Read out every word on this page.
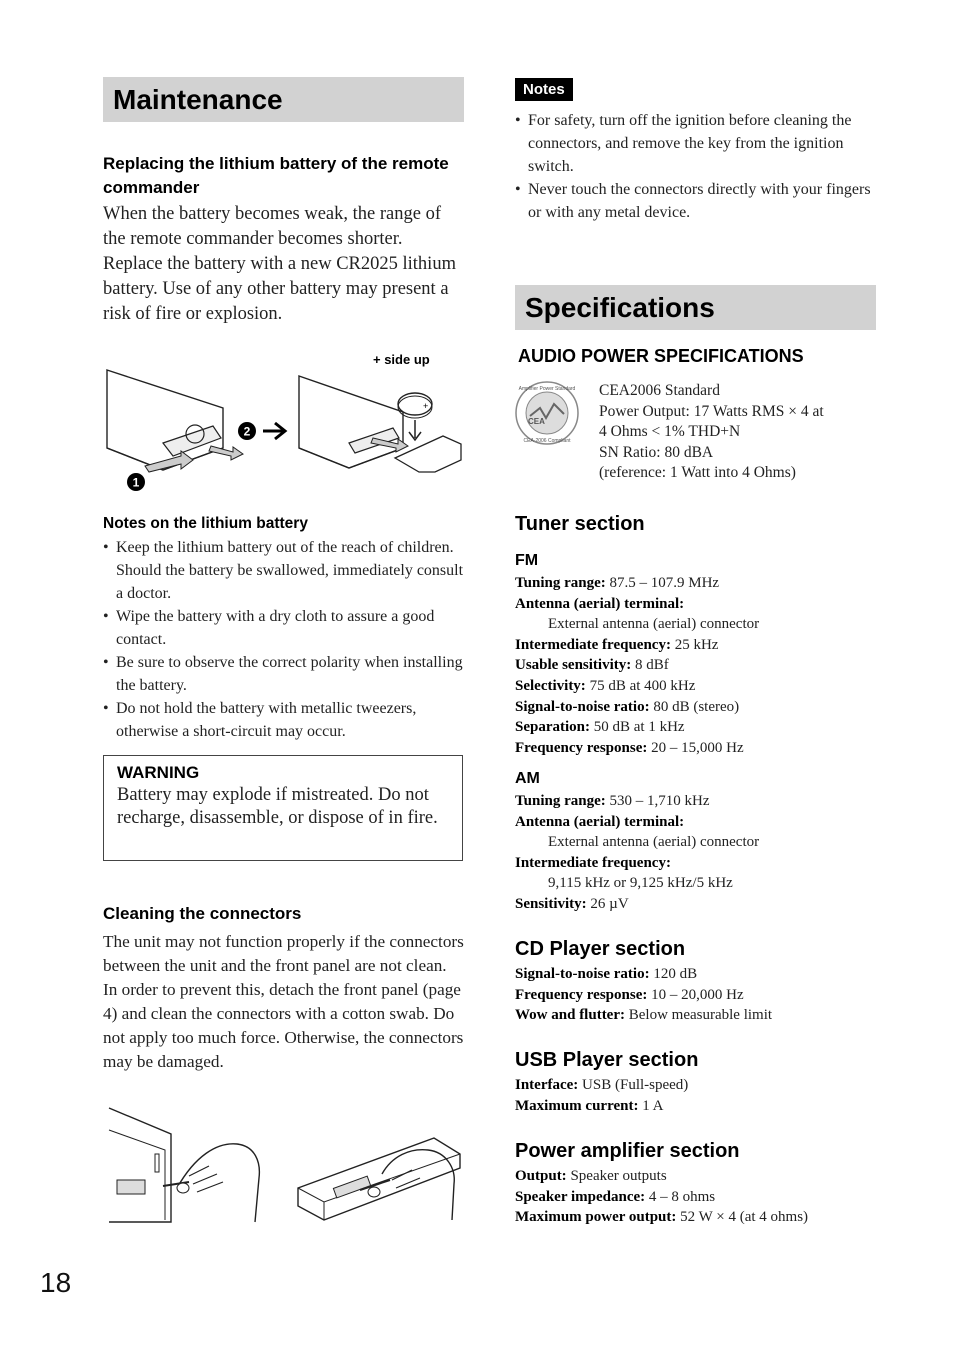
Maintenance
Replacing the lithium battery of the remote commander
When the battery becomes weak, the range of the remote commander becomes shorter. Replace the battery with a new CR2025 lithium battery. Use of any other battery may present a risk of fire or explosion.
1
2
+
+ side up
Notes on the lithium battery
• Keep the lithium battery out of the reach of children. Should the battery be swallowed, immediately consult a doctor.
• Wipe the battery with a dry cloth to assure a good contact.
• Be sure to observe the correct polarity when installing the battery.
• Do not hold the battery with metallic tweezers, otherwise a short-circuit may occur.
WARNING
Battery may explode if mistreated. Do not recharge, disassemble, or dispose of in fire.
Cleaning the connectors
The unit may not function properly if the connectors between the unit and the front panel are not clean. In order to prevent this, detach the front panel (page 4) and clean the connectors with a cotton swab. Do not apply too much force. Otherwise, the connectors may be damaged.
18
Notes
• For safety, turn off the ignition before cleaning the connectors, and remove the key from the ignition switch.
• Never touch the connectors directly with your fingers or with any metal device.
Specifications
AUDIO POWER SPECIFICATIONS
CEA
Amplifier Power Standard
CEA-2006 Compliant
CEA2006 Standard
Power Output: 17 Watts RMS × 4 at
4 Ohms < 1% THD+N
SN Ratio: 80 dBA
(reference: 1 Watt into 4 Ohms)
Tuner section
FM
Tuning range: 87.5 – 107.9 MHz
Antenna (aerial) terminal:
External antenna (aerial) connector
Intermediate frequency: 25 kHz
Usable sensitivity: 8 dBf
Selectivity: 75 dB at 400 kHz
Signal-to-noise ratio: 80 dB (stereo)
Separation: 50 dB at 1 kHz
Frequency response: 20 – 15,000 Hz
AM
Tuning range: 530 – 1,710 kHz
Antenna (aerial) terminal:
External antenna (aerial) connector
Intermediate frequency:
9,115 kHz or 9,125 kHz/5 kHz
Sensitivity: 26 µV
CD Player section
Signal-to-noise ratio: 120 dB
Frequency response: 10 – 20,000 Hz
Wow and flutter: Below measurable limit
USB Player section
Interface: USB (Full-speed)
Maximum current: 1 A
Power amplifier section
Output: Speaker outputs
Speaker impedance: 4 – 8 ohms
Maximum power output: 52 W × 4 (at 4 ohms)
